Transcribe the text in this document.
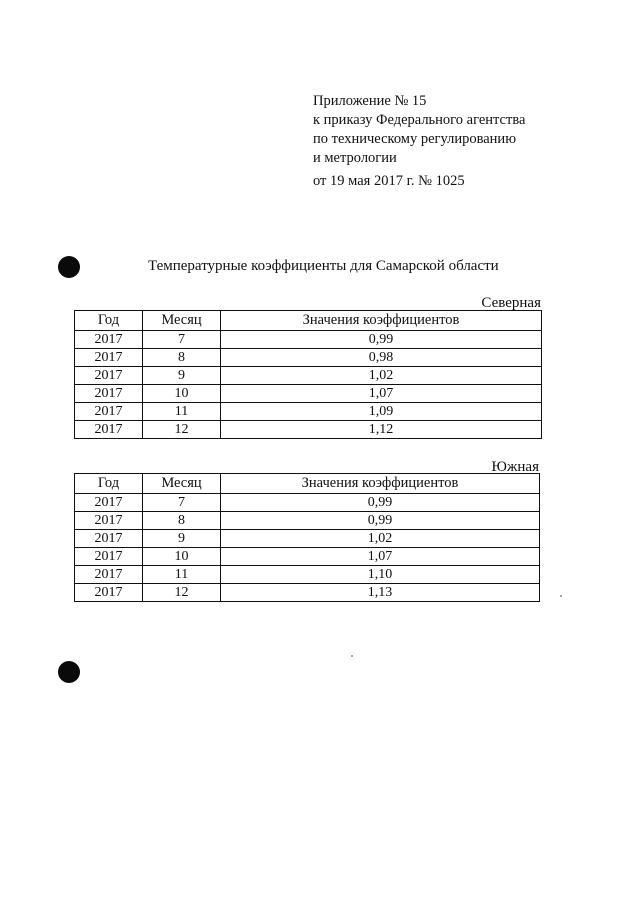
Приложение № 15
к приказу Федерального агентства
по техническому регулированию
и метрологии
от 19 мая 2017 г. № 1025
Температурные коэффициенты для Самарской области
Северная
Год	Месяц	Значения коэффициентов
2017	7	0,99
2017	8	0,98
2017	9	1,02
2017	10	1,07
2017	11	1,09
2017	12	1,12
Южная
Год	Месяц	Значения коэффициентов
2017	7	0,99
2017	8	0,99
2017	9	1,02
2017	10	1,07
2017	11	1,10
2017	12	1,13
